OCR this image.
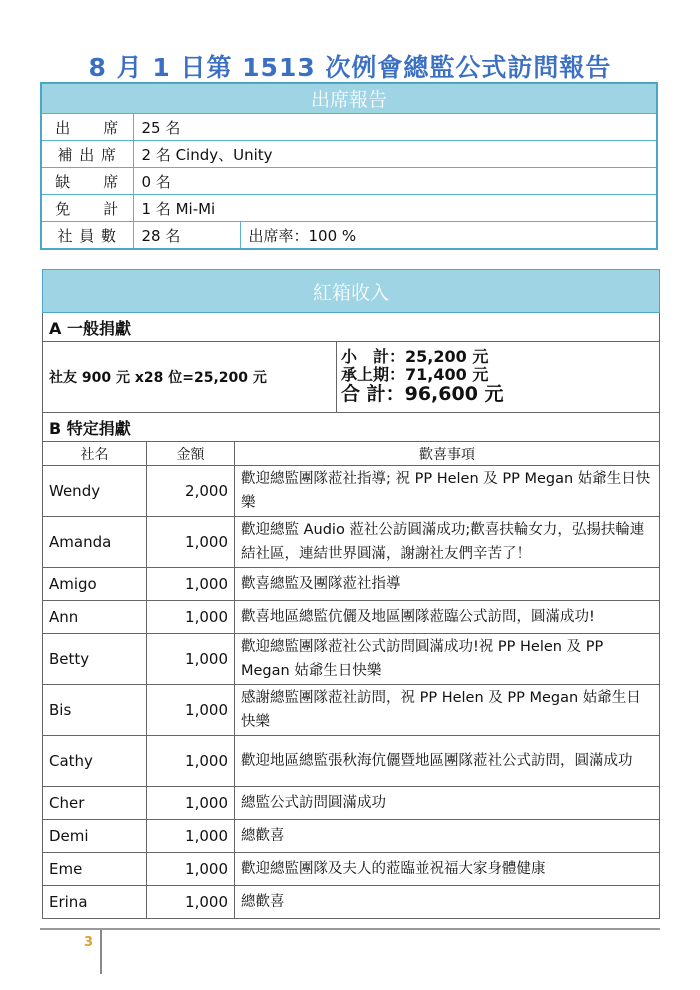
8 月 1 日第 1513 次例會總監公式訪問報告
出席報告		
出　　席	25 名	
補 出 席	2 名 Cindy、Unity	
缺　　席	0 名	
免　　計	1 名 Mi-Mi	
社 員 數	28 名	出席率：100 %
紅箱收入			
A 一般捐獻			
社友 900 元 x28 位=25,200 元			小　計：25,200 元
承上期：71,400 元
合 計：96,600 元

B 特定捐獻			
社名	金額	歡喜事項	
Wendy	2,000	歡迎總監團隊蒞社指導; 祝 PP Helen 及 PP Megan 姑爺生日快樂	
Amanda	1,000	歡迎總監 Audio 蒞社公訪圓滿成功;歡喜扶輪女力，弘揚扶輪連結社區，連結世界圓滿，謝謝社友們辛苦了！	
Amigo	1,000	歡喜總監及團隊蒞社指導	
Ann	1,000	歡喜地區總監伉儷及地區團隊蒞臨公式訪問，圓滿成功!	
Betty	1,000	歡迎總監團隊蒞社公式訪問圓滿成功!祝 PP Helen 及 PP Megan 姑爺生日快樂	
Bis	1,000	感謝總監團隊蒞社訪問，祝 PP Helen 及 PP Megan 姑爺生日快樂	
Cathy	1,000	歡迎地區總監張秋海伉儷暨地區團隊蒞社公式訪問，圓滿成功	
Cher	1,000	總監公式訪問圓滿成功	
Demi	1,000	總歡喜	
Eme	1,000	歡迎總監團隊及夫人的蒞臨並祝福大家身體健康	
Erina	1,000	總歡喜	
3
